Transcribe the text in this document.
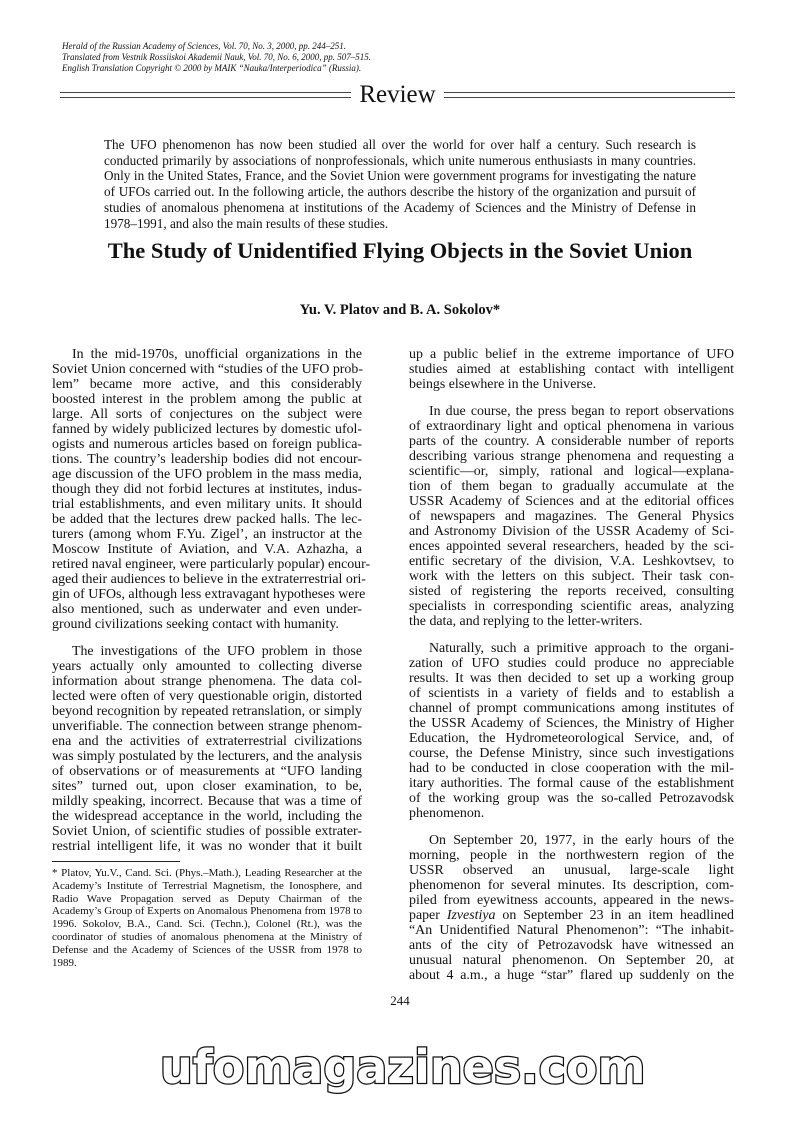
Herald of the Russian Academy of Sciences, Vol. 70, No. 3, 2000, pp. 244–251.
Translated from Vestnik Rossiiskoi Akademii Nauk, Vol. 70, No. 6, 2000, pp. 507–515.
English Translation Copyright © 2000 by MAIK “Nauka/Interperiodica” (Russia).
Review
The UFO phenomenon has now been studied all over the world for over half a century. Such research is conducted primarily by associations of nonprofessionals, which unite numerous enthusiasts in many countries. Only in the United States, France, and the Soviet Union were government programs for investigating the nature of UFOs carried out. In the following article, the authors describe the history of the organization and pursuit of studies of anomalous phenomena at institutions of the Academy of Sciences and the Ministry of Defense in 1978–1991, and also the main results of these studies.
The Study of Unidentified Flying Objects in the Soviet Union
Yu. V. Platov and B. A. Sokolov*
In the mid-1970s, unofficial organizations in the
Soviet Union concerned with “studies of the UFO prob-
lem” became more active, and this considerably
boosted interest in the problem among the public at
large. All sorts of conjectures on the subject were
fanned by widely publicized lectures by domestic ufol-
ogists and numerous articles based on foreign publica-
tions. The country’s leadership bodies did not encour-
age discussion of the UFO problem in the mass media,
though they did not forbid lectures at institutes, indus-
trial establishments, and even military units. It should
be added that the lectures drew packed halls. The lec-
turers (among whom F.Yu. Zigel’, an instructor at the
Moscow Institute of Aviation, and V.A. Azhazha, a
retired naval engineer, were particularly popular) encour-
aged their audiences to believe in the extraterrestrial ori-
gin of UFOs, although less extravagant hypotheses were
also mentioned, such as underwater and even under-
ground civilizations seeking contact with humanity.
The investigations of the UFO problem in those
years actually only amounted to collecting diverse
information about strange phenomena. The data col-
lected were often of very questionable origin, distorted
beyond recognition by repeated retranslation, or simply
unverifiable. The connection between strange phenom-
ena and the activities of extraterrestrial civilizations
was simply postulated by the lecturers, and the analysis
of observations or of measurements at “UFO landing
sites” turned out, upon closer examination, to be,
mildly speaking, incorrect. Because that was a time of
the widespread acceptance in the world, including the
Soviet Union, of scientific studies of possible extrater-
restrial intelligent life, it was no wonder that it built
up a public belief in the extreme importance of UFO
studies aimed at establishing contact with intelligent
beings elsewhere in the Universe.
In due course, the press began to report observations
of extraordinary light and optical phenomena in various
parts of the country. A considerable number of reports
describing various strange phenomena and requesting a
scientific—or, simply, rational and logical—explana-
tion of them began to gradually accumulate at the
USSR Academy of Sciences and at the editorial offices
of newspapers and magazines. The General Physics
and Astronomy Division of the USSR Academy of Sci-
ences appointed several researchers, headed by the sci-
entific secretary of the division, V.A. Leshkovtsev, to
work with the letters on this subject. Their task con-
sisted of registering the reports received, consulting
specialists in corresponding scientific areas, analyzing
the data, and replying to the letter-writers.
Naturally, such a primitive approach to the organi-
zation of UFO studies could produce no appreciable
results. It was then decided to set up a working group
of scientists in a variety of fields and to establish a
channel of prompt communications among institutes of
the USSR Academy of Sciences, the Ministry of Higher
Education, the Hydrometeorological Service, and, of
course, the Defense Ministry, since such investigations
had to be conducted in close cooperation with the mil-
itary authorities. The formal cause of the establishment
of the working group was the so-called Petrozavodsk
phenomenon.
On September 20, 1977, in the early hours of the
morning, people in the northwestern region of the
USSR observed an unusual, large-scale light
phenomenon for several minutes. Its description, com-
piled from eyewitness accounts, appeared in the news-
paper Izvestiya on September 23 in an item headlined
“An Unidentified Natural Phenomenon”: “The inhabit-
ants of the city of Petrozavodsk have witnessed an
unusual natural phenomenon. On September 20, at
about 4 a.m., a huge “star” flared up suddenly on the
* Platov, Yu.V., Cand. Sci. (Phys.–Math.), Leading Researcher at the Academy’s Institute of Terrestrial Magnetism, the Ionosphere, and Radio Wave Propagation served as Deputy Chairman of the Academy’s Group of Experts on Anomalous Phenomena from 1978 to 1996. Sokolov, B.A., Cand. Sci. (Techn.), Colonel (Rt.), was the coordinator of studies of anomalous phenomena at the Ministry of Defense and the Academy of Sciences of the USSR from 1978 to 1989.
244
ufomagazines.com
